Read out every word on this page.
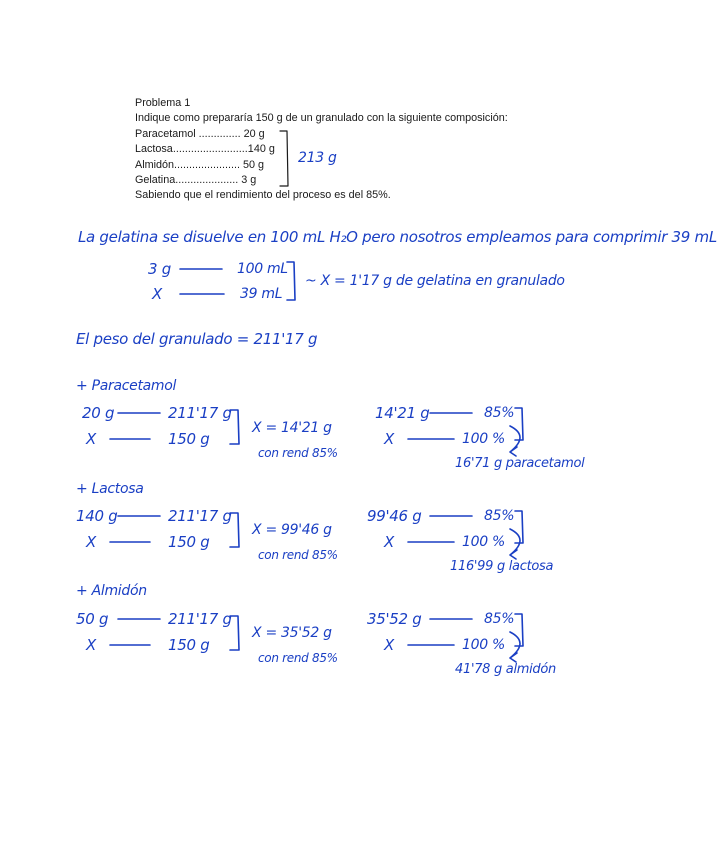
Problema 1
Indique como prepararía 150 g de un granulado con la siguiente composición:
Paracetamol .............. 20 g
Lactosa.........................140 g
Almidón...................... 50 g
Gelatina..................... 3 g
Sabiendo que el rendimiento del proceso es del 85%.
213 g
La gelatina se disuelve en 100 mL H₂O pero nosotros empleamos para comprimir 39 mL
3 g	100 mL
X	39 mL
~ X = 1'17 g de gelatina en granulado
El peso del granulado = 211'17 g
+ Paracetamol
20 g	211'17 g
X	150 g
X = 14'21 g
con rend 85%
14'21 g	85%
X	100 %
16'71 g paracetamol
+ Lactosa
140 g	211'17 g
X	150 g
X = 99'46 g
con rend 85%
99'46 g	85%
X	100 %
116'99 g lactosa
+ Almidón
50 g	211'17 g
X	150 g
X = 35'52 g
con rend 85%
35'52 g	85%
X	100 %
41'78 g almidón
